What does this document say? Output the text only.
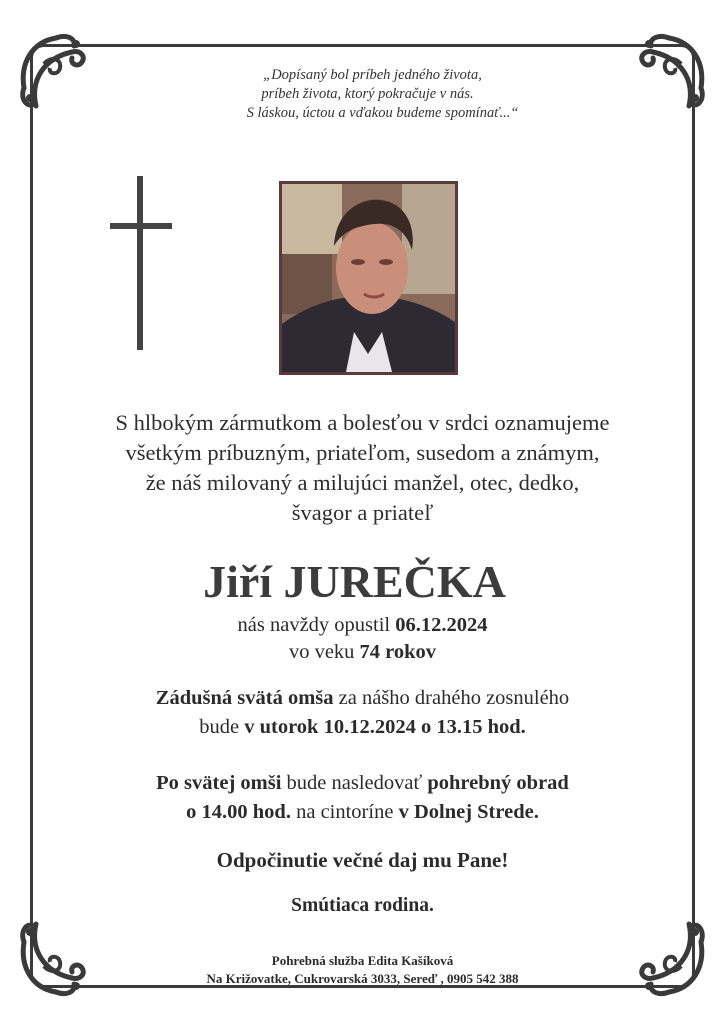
„Dopísaný bol príbeh jedného života,
príbeh života, ktorý pokračuje v nás.
S láskou, úctou a vďakou budeme spomínať...“
S hlbokým zármutkom a bolesťou v srdci oznamujeme
všetkým príbuzným, priateľom, susedom a známym,
že náš milovaný a milujúci manžel, otec, dedko,
švagor a priateľ
Jiří JUREČKA
nás navždy opustil 06.12.2024
vo veku 74 rokov
Zádušná svätá omša za nášho drahého zosnulého
bude v utorok 10.12.2024 o 13.15 hod.
Po svätej omši bude nasledovať pohrebný obrad
o 14.00 hod. na cintoríne v Dolnej Strede.
Odpočinutie večné daj mu Pane!
Smútiaca rodina.
Pohrebná služba Edita Kašíková
Na Križovatke, Cukrovarská 3033, Sereď , 0905 542 388
